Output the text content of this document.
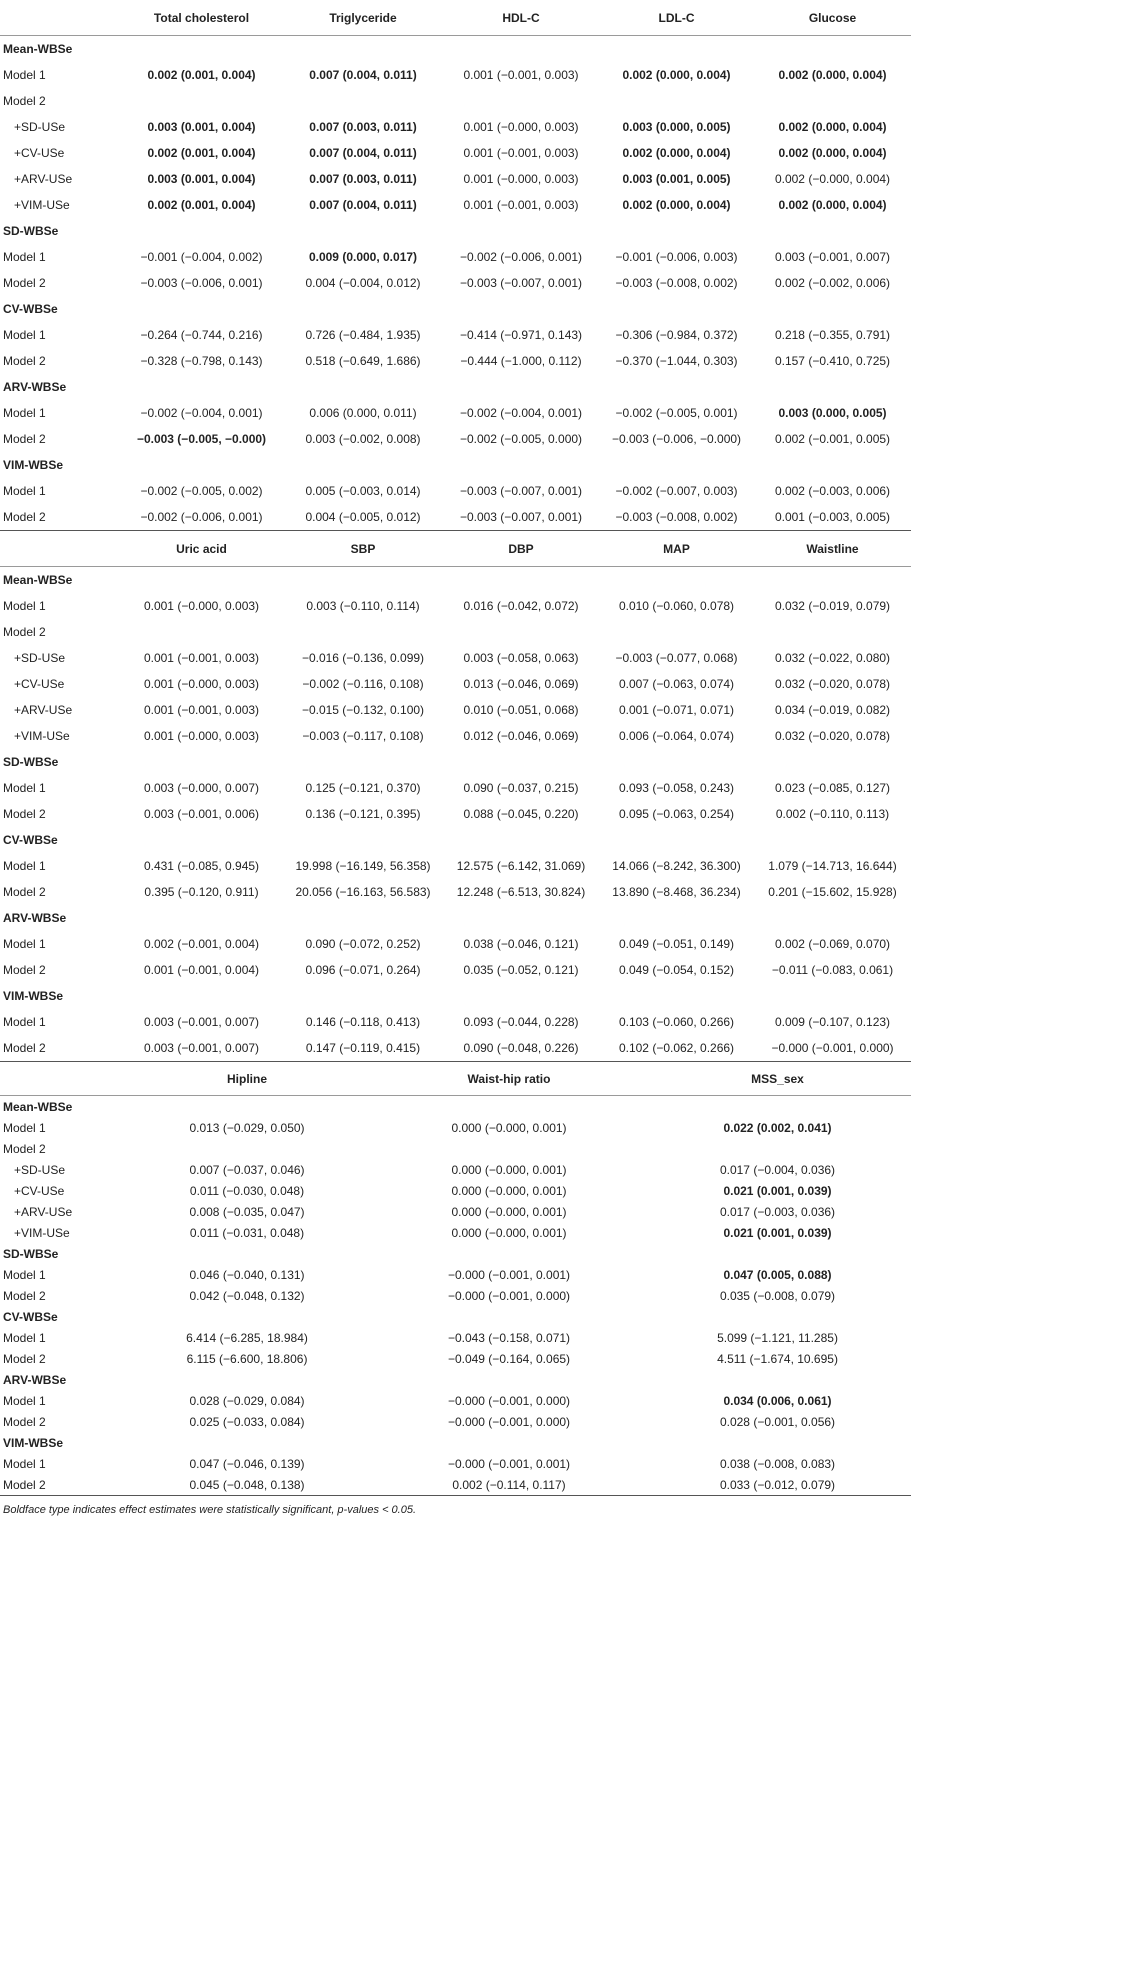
	Total cholesterol	Triglyceride	HDL-C	LDL-C	Glucose
Mean-WBSe					
Model 1	0.002 (0.001, 0.004)	0.007 (0.004, 0.011)	0.001 (−0.001, 0.003)	0.002 (0.000, 0.004)	0.002 (0.000, 0.004)
Model 2					
+SD-USe	0.003 (0.001, 0.004)	0.007 (0.003, 0.011)	0.001 (−0.000, 0.003)	0.003 (0.000, 0.005)	0.002 (0.000, 0.004)
+CV-USe	0.002 (0.001, 0.004)	0.007 (0.004, 0.011)	0.001 (−0.001, 0.003)	0.002 (0.000, 0.004)	0.002 (0.000, 0.004)
+ARV-USe	0.003 (0.001, 0.004)	0.007 (0.003, 0.011)	0.001 (−0.000, 0.003)	0.003 (0.001, 0.005)	0.002 (−0.000, 0.004)
+VIM-USe	0.002 (0.001, 0.004)	0.007 (0.004, 0.011)	0.001 (−0.001, 0.003)	0.002 (0.000, 0.004)	0.002 (0.000, 0.004)
SD-WBSe					
Model 1	−0.001 (−0.004, 0.002)	0.009 (0.000, 0.017)	−0.002 (−0.006, 0.001)	−0.001 (−0.006, 0.003)	0.003 (−0.001, 0.007)
Model 2	−0.003 (−0.006, 0.001)	0.004 (−0.004, 0.012)	−0.003 (−0.007, 0.001)	−0.003 (−0.008, 0.002)	0.002 (−0.002, 0.006)
CV-WBSe					
Model 1	−0.264 (−0.744, 0.216)	0.726 (−0.484, 1.935)	−0.414 (−0.971, 0.143)	−0.306 (−0.984, 0.372)	0.218 (−0.355, 0.791)
Model 2	−0.328 (−0.798, 0.143)	0.518 (−0.649, 1.686)	−0.444 (−1.000, 0.112)	−0.370 (−1.044, 0.303)	0.157 (−0.410, 0.725)
ARV-WBSe					
Model 1	−0.002 (−0.004, 0.001)	0.006 (0.000, 0.011)	−0.002 (−0.004, 0.001)	−0.002 (−0.005, 0.001)	0.003 (0.000, 0.005)
Model 2	−0.003 (−0.005, −0.000)	0.003 (−0.002, 0.008)	−0.002 (−0.005, 0.000)	−0.003 (−0.006, −0.000)	0.002 (−0.001, 0.005)
VIM-WBSe					
Model 1	−0.002 (−0.005, 0.002)	0.005 (−0.003, 0.014)	−0.003 (−0.007, 0.001)	−0.002 (−0.007, 0.003)	0.002 (−0.003, 0.006)
Model 2	−0.002 (−0.006, 0.001)	0.004 (−0.005, 0.012)	−0.003 (−0.007, 0.001)	−0.003 (−0.008, 0.002)	0.001 (−0.003, 0.005)
	Uric acid	SBP	DBP	MAP	Waistline
Mean-WBSe					
Model 1	0.001 (−0.000, 0.003)	0.003 (−0.110, 0.114)	0.016 (−0.042, 0.072)	0.010 (−0.060, 0.078)	0.032 (−0.019, 0.079)
Model 2					
+SD-USe	0.001 (−0.001, 0.003)	−0.016 (−0.136, 0.099)	0.003 (−0.058, 0.063)	−0.003 (−0.077, 0.068)	0.032 (−0.022, 0.080)
+CV-USe	0.001 (−0.000, 0.003)	−0.002 (−0.116, 0.108)	0.013 (−0.046, 0.069)	0.007 (−0.063, 0.074)	0.032 (−0.020, 0.078)
+ARV-USe	0.001 (−0.001, 0.003)	−0.015 (−0.132, 0.100)	0.010 (−0.051, 0.068)	0.001 (−0.071, 0.071)	0.034 (−0.019, 0.082)
+VIM-USe	0.001 (−0.000, 0.003)	−0.003 (−0.117, 0.108)	0.012 (−0.046, 0.069)	0.006 (−0.064, 0.074)	0.032 (−0.020, 0.078)
SD-WBSe					
Model 1	0.003 (−0.000, 0.007)	0.125 (−0.121, 0.370)	0.090 (−0.037, 0.215)	0.093 (−0.058, 0.243)	0.023 (−0.085, 0.127)
Model 2	0.003 (−0.001, 0.006)	0.136 (−0.121, 0.395)	0.088 (−0.045, 0.220)	0.095 (−0.063, 0.254)	0.002 (−0.110, 0.113)
CV-WBSe					
Model 1	0.431 (−0.085, 0.945)	19.998 (−16.149, 56.358)	12.575 (−6.142, 31.069)	14.066 (−8.242, 36.300)	1.079 (−14.713, 16.644)
Model 2	0.395 (−0.120, 0.911)	20.056 (−16.163, 56.583)	12.248 (−6.513, 30.824)	13.890 (−8.468, 36.234)	0.201 (−15.602, 15.928)
ARV-WBSe					
Model 1	0.002 (−0.001, 0.004)	0.090 (−0.072, 0.252)	0.038 (−0.046, 0.121)	0.049 (−0.051, 0.149)	0.002 (−0.069, 0.070)
Model 2	0.001 (−0.001, 0.004)	0.096 (−0.071, 0.264)	0.035 (−0.052, 0.121)	0.049 (−0.054, 0.152)	−0.011 (−0.083, 0.061)
VIM-WBSe					
Model 1	0.003 (−0.001, 0.007)	0.146 (−0.118, 0.413)	0.093 (−0.044, 0.228)	0.103 (−0.060, 0.266)	0.009 (−0.107, 0.123)
Model 2	0.003 (−0.001, 0.007)	0.147 (−0.119, 0.415)	0.090 (−0.048, 0.226)	0.102 (−0.062, 0.266)	−0.000 (−0.001, 0.000)
	Hipline	Waist-hip ratio	MSS_sex
Mean-WBSe			
Model 1	0.013 (−0.029, 0.050)	0.000 (−0.000, 0.001)	0.022 (0.002, 0.041)
Model 2			
+SD-USe	0.007 (−0.037, 0.046)	0.000 (−0.000, 0.001)	0.017 (−0.004, 0.036)
+CV-USe	0.011 (−0.030, 0.048)	0.000 (−0.000, 0.001)	0.021 (0.001, 0.039)
+ARV-USe	0.008 (−0.035, 0.047)	0.000 (−0.000, 0.001)	0.017 (−0.003, 0.036)
+VIM-USe	0.011 (−0.031, 0.048)	0.000 (−0.000, 0.001)	0.021 (0.001, 0.039)
SD-WBSe			
Model 1	0.046 (−0.040, 0.131)	−0.000 (−0.001, 0.001)	0.047 (0.005, 0.088)
Model 2	0.042 (−0.048, 0.132)	−0.000 (−0.001, 0.000)	0.035 (−0.008, 0.079)
CV-WBSe			
Model 1	6.414 (−6.285, 18.984)	−0.043 (−0.158, 0.071)	5.099 (−1.121, 11.285)
Model 2	6.115 (−6.600, 18.806)	−0.049 (−0.164, 0.065)	4.511 (−1.674, 10.695)
ARV-WBSe			
Model 1	0.028 (−0.029, 0.084)	−0.000 (−0.001, 0.000)	0.034 (0.006, 0.061)
Model 2	0.025 (−0.033, 0.084)	−0.000 (−0.001, 0.000)	0.028 (−0.001, 0.056)
VIM-WBSe			
Model 1	0.047 (−0.046, 0.139)	−0.000 (−0.001, 0.001)	0.038 (−0.008, 0.083)
Model 2	0.045 (−0.048, 0.138)	0.002 (−0.114, 0.117)	0.033 (−0.012, 0.079)
Boldface type indicates effect estimates were statistically significant, p-values < 0.05.
